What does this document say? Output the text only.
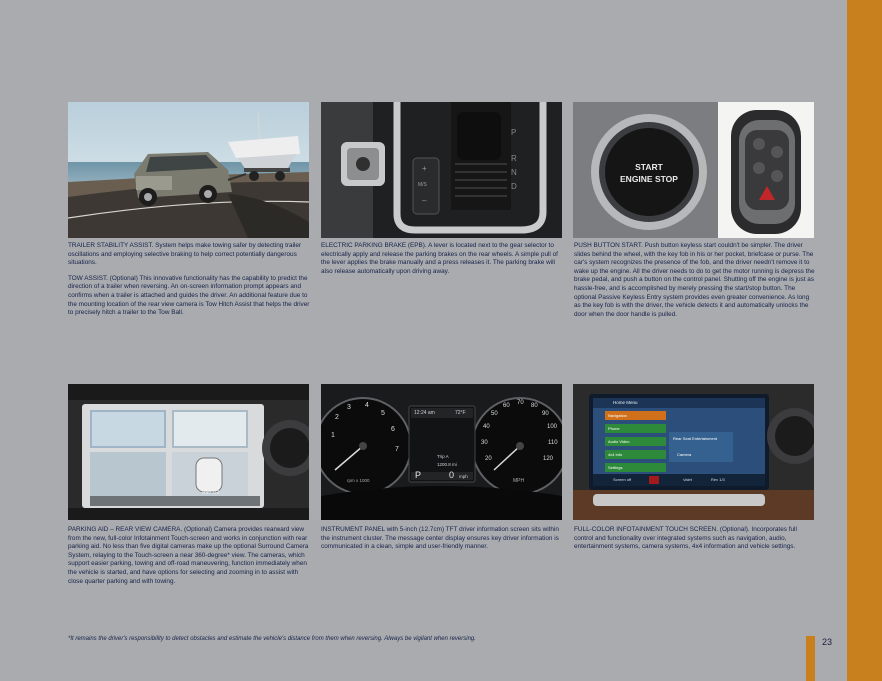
TRAILER STABILITY ASSIST. System helps make towing safer by detecting trailer oscillations and employing selective braking to help correct potentially dangerous situations.

TOW ASSIST. (Optional) This innovative functionality has the capability to predict the direction of a trailer when reversing. An on-screen information prompt appears and confirms when a trailer is attached and guides the driver. An additional feature due to the mounting location of the rear view camera is Tow Hitch Assist that helps the driver to precisely hitch a trailer to the Tow Ball.

+
M/S
–
P
R
N
D

ELECTRIC PARKING BRAKE (EPB). A lever is located next to the gear selector to electrically apply and release the parking brakes on the rear wheels. A simple pull of the lever applies the brake manually and a press releases it. The parking brake will also release automatically upon driving away.

START
ENGINE STOP

PUSH BUTTON START. Push button keyless start couldn't be simpler. The driver slides behind the wheel, with the key fob in his or her pocket, briefcase or purse. The car's system recognizes the presence of the fob, and the driver needn't remove it to wake up the engine. All the driver needs to do to get the motor running is depress the brake pedal, and push a button on the control panel. Shutting off the engine is just as hassle-free, and is accomplished by merely pressing the start/stop button. The optional Passive Keyless Entry system provides even greater convenience. As long as the key fob is with the driver, the vehicle detects it and automatically unlocks the door when the door handle is pulled.

Rev 1/3

PARKING AID – REAR VIEW CAMERA. (Optional) Camera provides rearward view from the new, full-color Infotainment Touch-screen and works in conjunction with rear parking aid. No less than five digital cameras make up the optional Surround Camera System, relaying to the Touch-screen a near 360-degree* view. The cameras, which support easier parking, towing and off-road maneuvering, function immediately when the vehicle is started, and have options for selecting and zooming in to assist with close quarter parking and with towing.

1
2
3 4
5
6
7
rpm x 1000
20
30
40
50
60 70 80
90
100
110
120
MPH
12:24 am	72°F
Trip A
1200.8 mi
P	0 mph

INSTRUMENT PANEL with 5-inch (12.7cm) TFT driver information screen sits within the instrument cluster. The message center display ensures key driver information is communicated in a clean, simple and user-friendly manner.

Home Menu
Navigation
Phone
Audio Video
4x4 Info
Settings
Rear Seat Entertainment
Camera
Screen off	Valet	Rev 1/3

FULL-COLOR INFOTAINMENT TOUCH SCREEN. (Optional). Incorporates full control and functionality over integrated systems such as navigation, audio, entertainment systems, camera systems, 4x4 information and vehicle settings.

*It remains the driver's responsibility to detect obstacles and estimate the vehicle's distance from them when reversing. Always be vigilant when reversing.	23
